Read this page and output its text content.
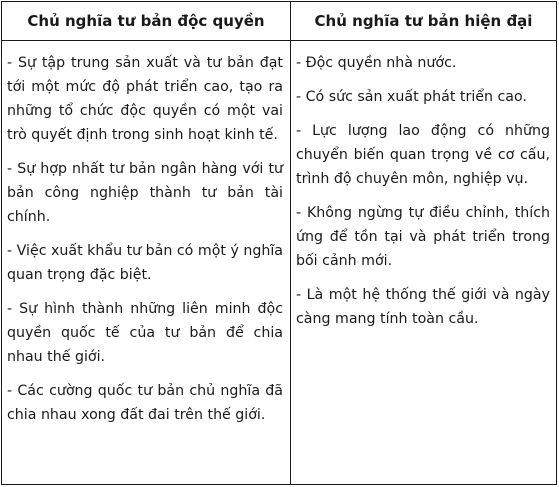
Chủ nghĩa tư bản độc quyền	Chủ nghĩa tư bản hiện đại

- Sự tập trung sản xuất và tư bản đạt tới một mức độ phát triển cao, tạo ra những tổ chức độc quyền có một vai trò quyết định trong sinh hoạt kinh tế.

- Sự hợp nhất tư bản ngân hàng với tư bản công nghiệp thành tư bản tài chính.

- Việc xuất khẩu tư bản có một ý nghĩa quan trọng đặc biệt.

- Sự hình thành những liên minh độc quyền quốc tế của tư bản để chia nhau thế giới.

- Các cường quốc tư bản chủ nghĩa đã chia nhau xong đất đai trên thế giới.

- Độc quyền nhà nước.

- Có sức sản xuất phát triển cao.

- Lực lượng lao động có những chuyển biến quan trọng về cơ cấu, trình độ chuyên môn, nghiệp vụ.

- Không ngừng tự điều chỉnh, thích ứng để tồn tại và phát triển trong bối cảnh mới.

- Là một hệ thống thế giới và ngày càng mang tính toàn cầu.
